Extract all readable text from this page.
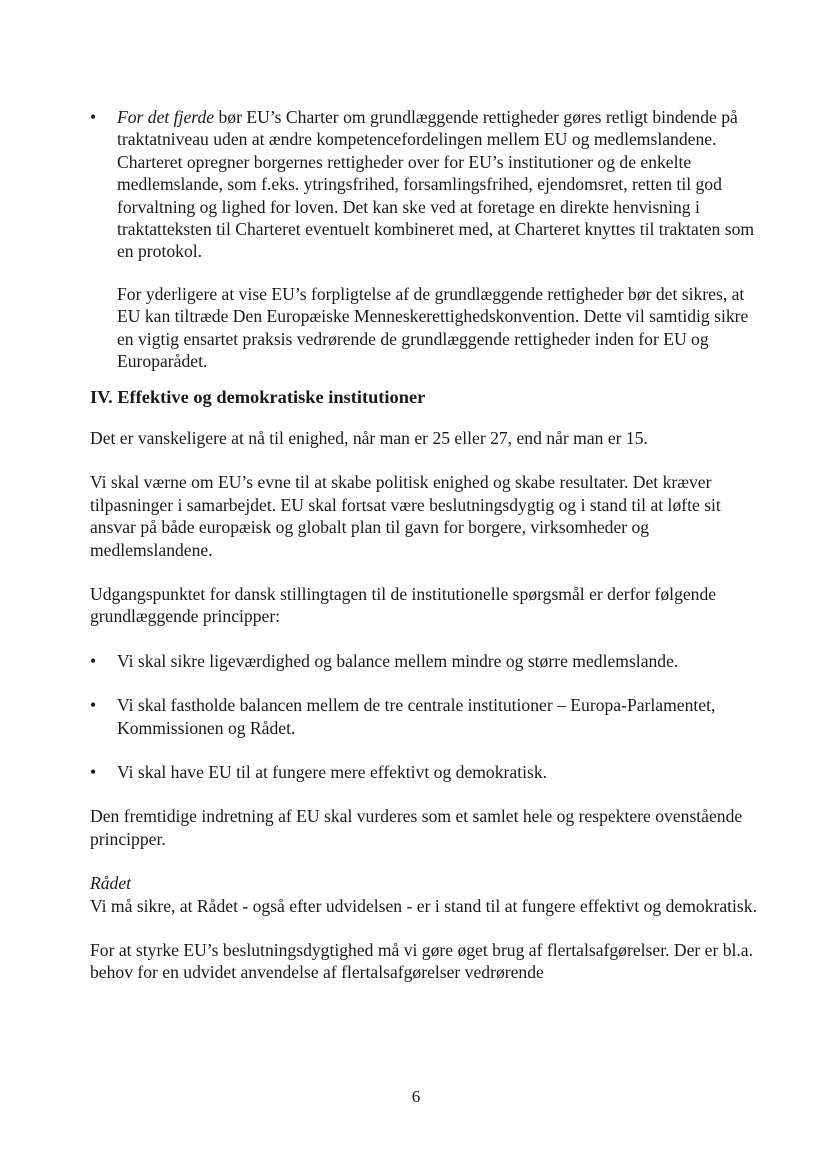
• For det fjerde bør EU’s Charter om grundlæggende rettigheder gøres retligt bindende på traktatniveau uden at ændre kompetencefordelingen mellem EU og medlemslandene. Charteret opregner borgernes rettigheder over for EU’s institutioner og de enkelte medlemslande, som f.eks. ytringsfrihed, forsamlingsfrihed, ejendomsret, retten til god forvaltning og lighed for loven. Det kan ske ved at foretage en direkte henvisning i traktatteksten til Charteret eventuelt kombineret med, at Charteret knyttes til traktaten som en protokol.

For yderligere at vise EU’s forpligtelse af de grundlæggende rettigheder bør det sikres, at EU kan tiltræde Den Europæiske Menneskerettighedskonvention. Dette vil samtidig sikre en vigtig ensartet praksis vedrørende de grundlæggende rettigheder inden for EU og Europarådet.

IV. Effektive og demokratiske institutioner

Det er vanskeligere at nå til enighed, når man er 25 eller 27, end når man er 15.

Vi skal værne om EU’s evne til at skabe politisk enighed og skabe resultater. Det kræver tilpasninger i samarbejdet. EU skal fortsat være beslutningsdygtig og i stand til at løfte sit ansvar på både europæisk og globalt plan til gavn for borgere, virksomheder og medlemslandene.

Udgangspunktet for dansk stillingtagen til de institutionelle spørgsmål er derfor følgende grundlæggende principper:

• Vi skal sikre ligeværdighed og balance mellem mindre og større medlemslande.

• Vi skal fastholde balancen mellem de tre centrale institutioner – Europa-Parlamentet, Kommissionen og Rådet.

• Vi skal have EU til at fungere mere effektivt og demokratisk.

Den fremtidige indretning af EU skal vurderes som et samlet hele og respektere ovenstående principper.

Rådet

Vi må sikre, at Rådet - også efter udvidelsen - er i stand til at fungere effektivt og demokratisk.

For at styrke EU’s beslutningsdygtighed må vi gøre øget brug af flertalsafgørelser. Der er bl.a. behov for en udvidet anvendelse af flertalsafgørelser vedrørende

6
